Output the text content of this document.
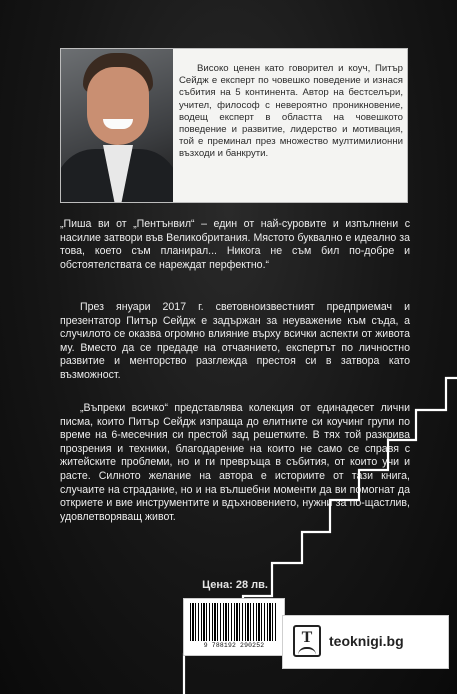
Високо ценен като говорител и коуч, Питър Сейдж е експерт по човешко поведение и изнася събития на 5 континента. Автор на бестселъри, учител, философ с невероятно проникновение, водещ експерт в областта на човешкото поведение и развитие, лидерство и мотивация, той е преминал през множество мултимилионни възходи и банкрути.

„Пиша ви от „Пентънвил“ – един от най-суровите и изпълнени с насилие затвори във Великобритания. Мястото буквално е идеално за това, което съм планирал... Никога не съм бил по-добре и обстоятелствата се нареждат перфектно.“

През януари 2017 г. световноизвестният предприемач и презентатор Питър Сейдж е задържан за неуважение към съда, а случилото се оказва огромно влияние върху всички аспекти от живота му. Вместо да се предаде на отчаянието, експертът по личностно развитие и менторство разглежда престоя си в затвора като възможност.

„Въпреки всичко“ представлява колекция от единадесет лични писма, които Питър Сейдж изпраща до елитните си коучинг групи по време на 6-месечния си престой зад решетките. В тях той разкрива прозрения и техники, благодарение на които не само се справя с житейските проблеми, но и ги превръща в събития, от които учи и расте. Силното желание на автора е историите от тази книга, случаите на страдание, но и на вълшебни моменти да ви помогнат да откриете и вие инструментите и вдъхновението, нужни за по-щастлив, удовлетворяващ живот.

Цена: 28 лв.
9 788192 290252	T	teoknigi.bg
